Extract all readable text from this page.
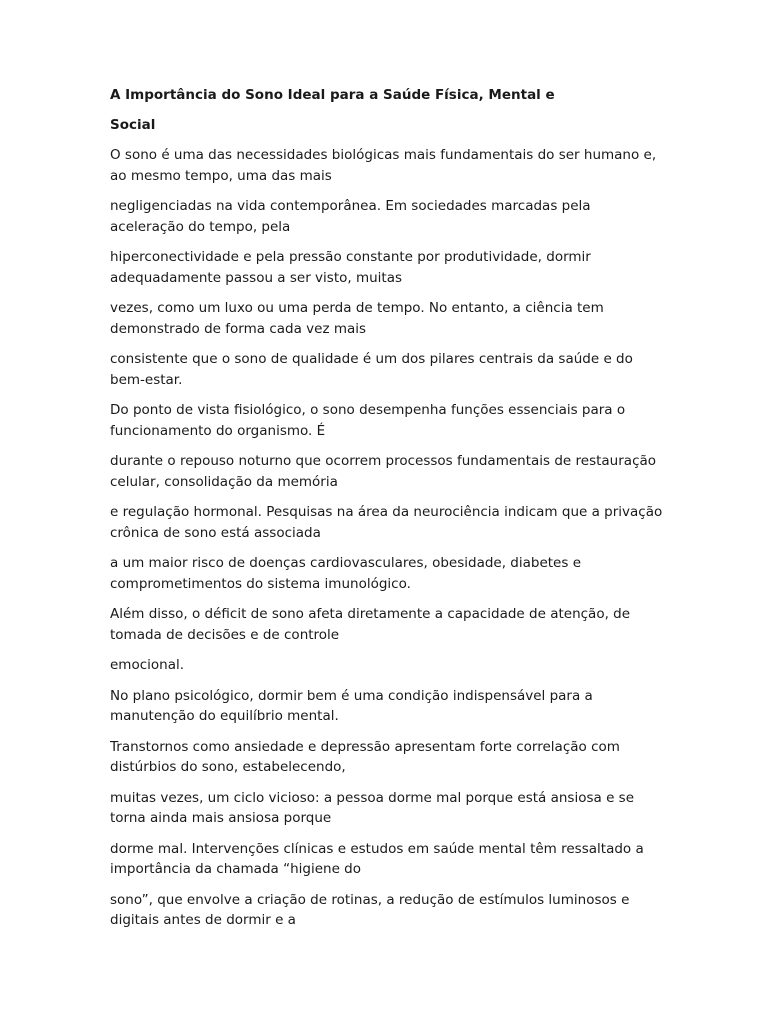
A Importância do Sono Ideal para a Saúde Física, Mental e
Social
O sono é uma das necessidades biológicas mais fundamentais do ser humano e,
ao mesmo tempo, uma das mais
negligenciadas na vida contemporânea. Em sociedades marcadas pela
aceleração do tempo, pela
hiperconectividade e pela pressão constante por produtividade, dormir
adequadamente passou a ser visto, muitas
vezes, como um luxo ou uma perda de tempo. No entanto, a ciência tem
demonstrado de forma cada vez mais
consistente que o sono de qualidade é um dos pilares centrais da saúde e do
bem-estar.
Do ponto de vista fisiológico, o sono desempenha funções essenciais para o
funcionamento do organismo. É
durante o repouso noturno que ocorrem processos fundamentais de restauração
celular, consolidação da memória
e regulação hormonal. Pesquisas na área da neurociência indicam que a privação
crônica de sono está associada
a um maior risco de doenças cardiovasculares, obesidade, diabetes e
comprometimentos do sistema imunológico.
Além disso, o déficit de sono afeta diretamente a capacidade de atenção, de
tomada de decisões e de controle
emocional.
No plano psicológico, dormir bem é uma condição indispensável para a
manutenção do equilíbrio mental.
Transtornos como ansiedade e depressão apresentam forte correlação com
distúrbios do sono, estabelecendo,
muitas vezes, um ciclo vicioso: a pessoa dorme mal porque está ansiosa e se
torna ainda mais ansiosa porque
dorme mal. Intervenções clínicas e estudos em saúde mental têm ressaltado a
importância da chamada “higiene do
sono”, que envolve a criação de rotinas, a redução de estímulos luminosos e
digitais antes de dormir e a
